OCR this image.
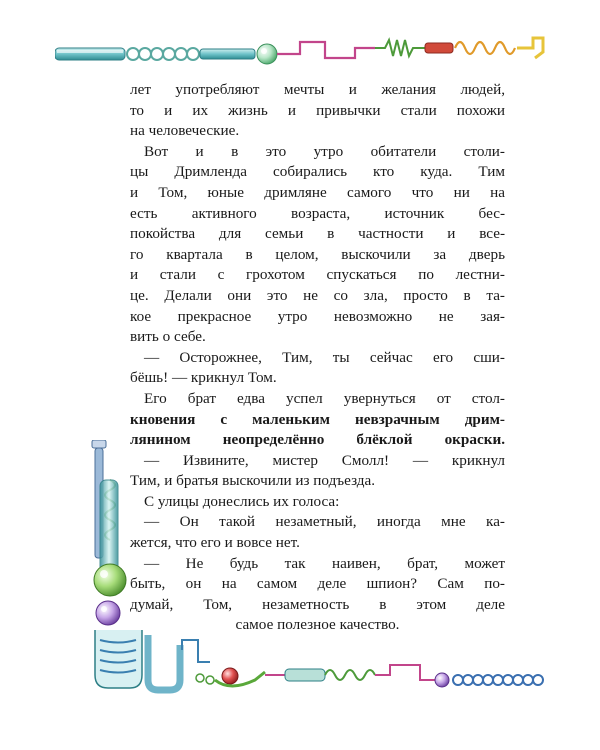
лет употребляют мечты и желания людей,
то и их жизнь и привычки стали похожи
на человеческие.
Вот и в это утро обитатели столи-
цы Дримленда собирались кто куда. Тим
и Том, юные дримляне самого что ни на
есть активного возраста, источник бес-
покойства для семьи в частности и все-
го квартала в целом, выскочили за дверь
и стали с грохотом спускаться по лестни-
це. Делали они это не со зла, просто в та-
кое прекрасное утро невозможно не зая-
вить о себе.
— Осторожнее, Тим, ты сейчас его сши-
бёшь! — крикнул Том.
Его брат едва успел увернуться от стол-
кновения с маленьким невзрачным дрим-
лянином неопределённо блёклой окраски.
— Извините, мистер Смолл! — крикнул
Тим, и братья выскочили из подъезда.
С улицы донеслись их голоса:
— Он такой незаметный, иногда мне ка-
жется, что его и вовсе нет.
— Не будь так наивен, брат, может
быть, он на самом деле шпион? Сам по-
думай, Том, незаметность в этом деле
самое полезное качество.
